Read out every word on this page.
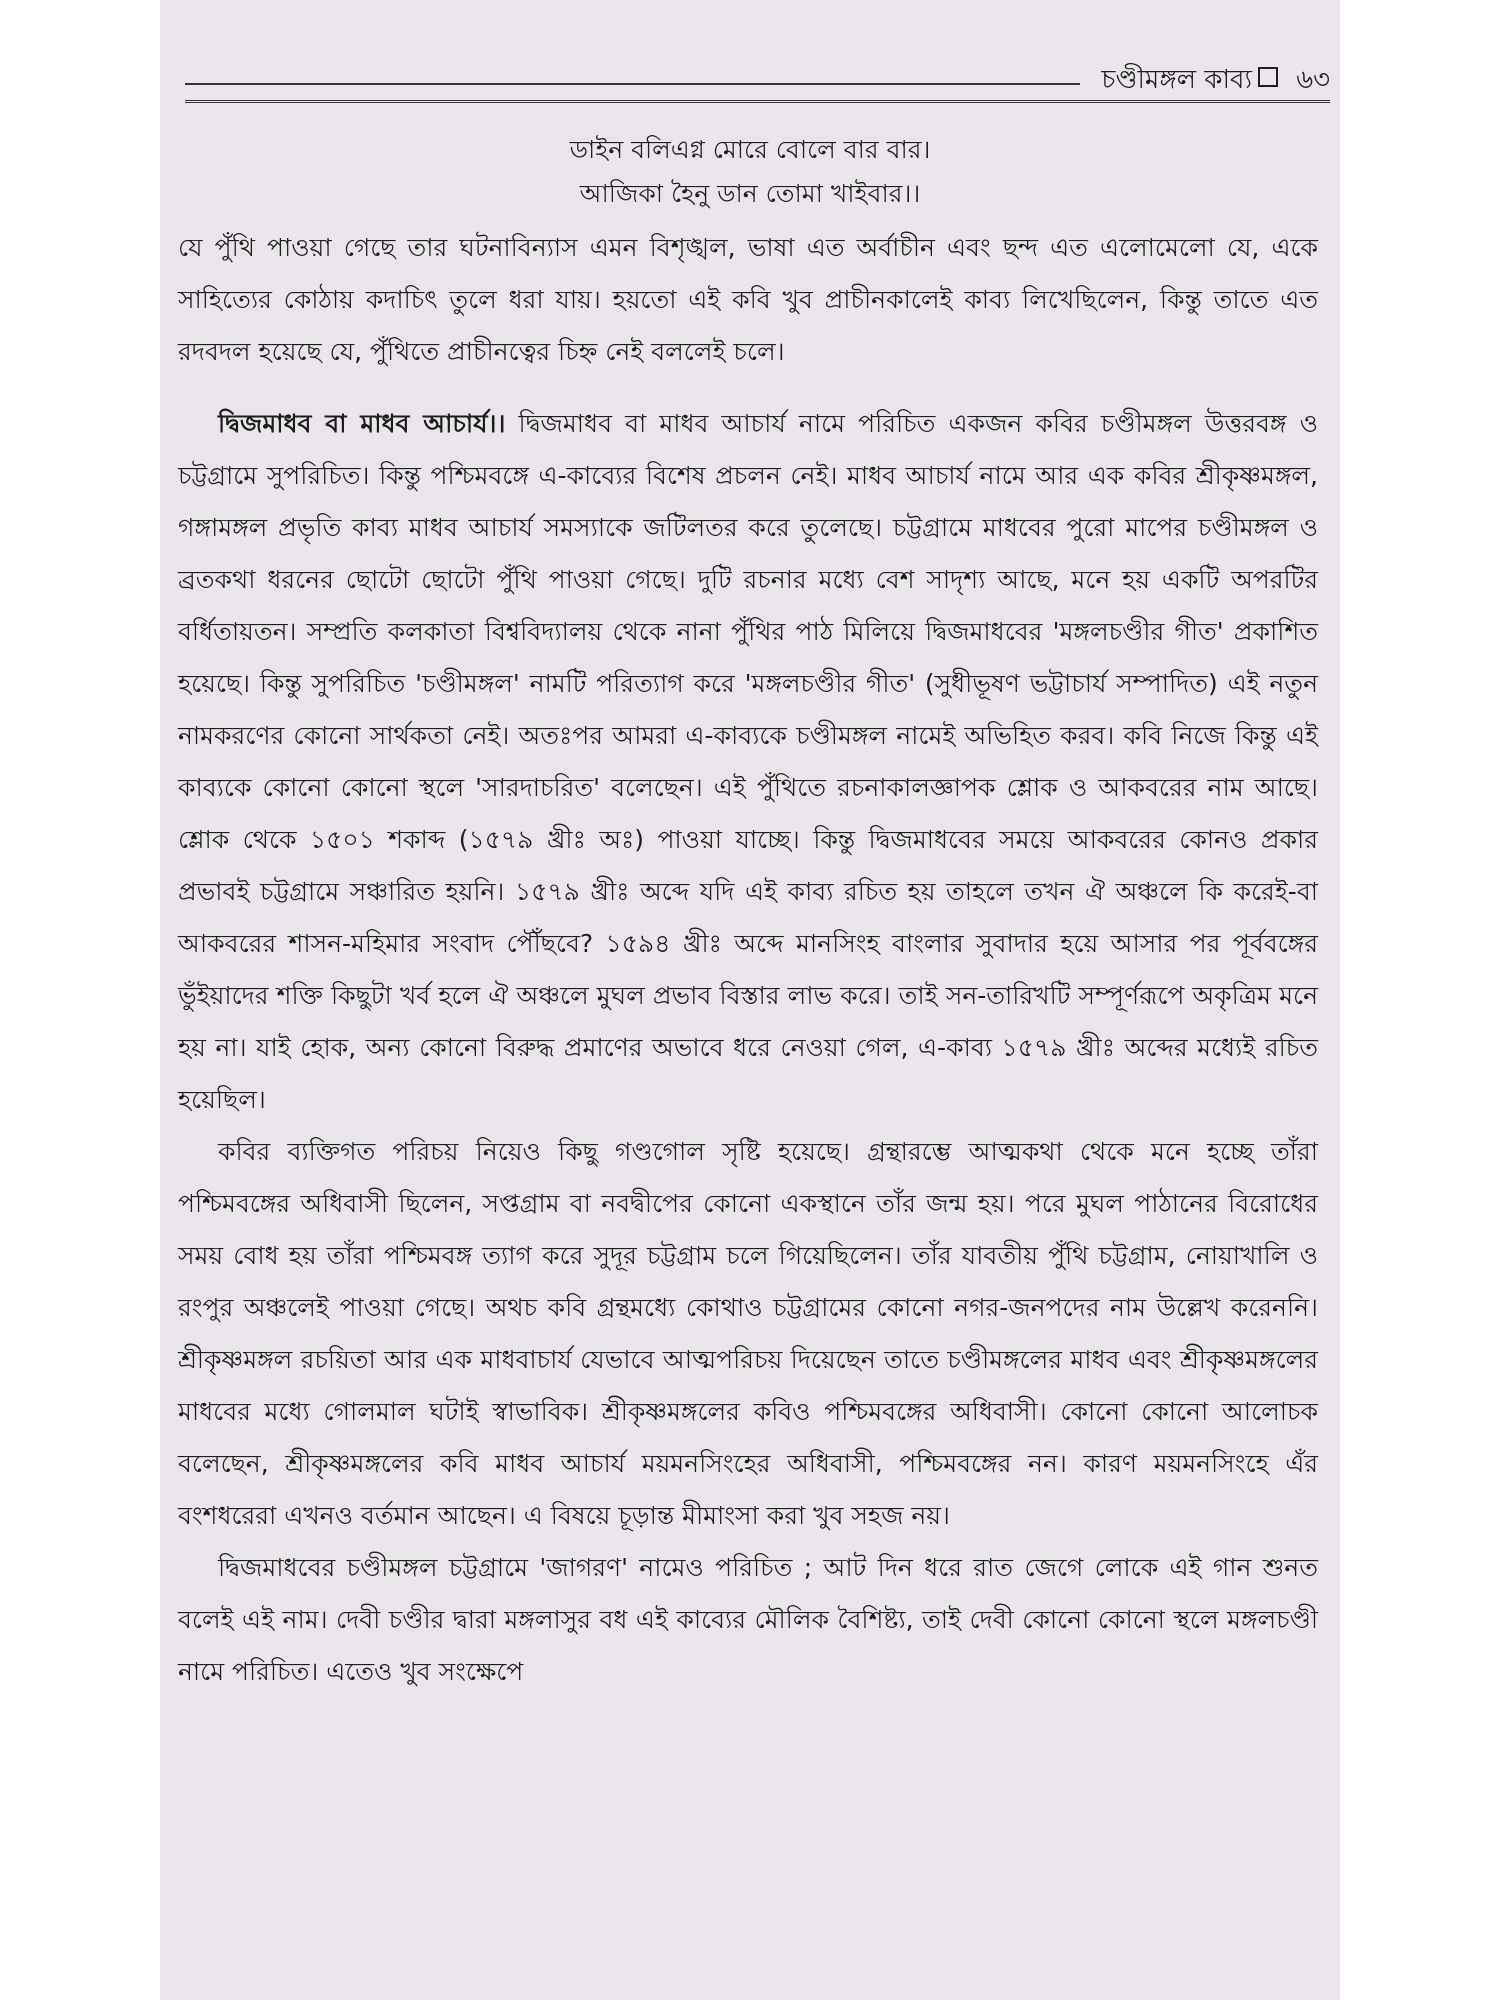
চণ্ডীমঙ্গল কাব্য ৬৩
ডাইন বলিএগ্ন মোরে বোলে বার বার।
আজিকা হৈনু ডান তোমা খাইবার।।

যে পুঁথি পাওয়া গেছে তার ঘটনাবিন্যাস এমন বিশৃঙ্খল, ভাষা এত অর্বাচীন এবং ছন্দ এত এলোমেলো যে, একে সাহিত্যের কোঠায় কদাচিৎ তুলে ধরা যায়। হয়তো এই কবি খুব প্রাচীনকালেই কাব্য লিখেছিলেন, কিন্তু তাতে এত রদবদল হয়েছে যে, পুঁথিতে প্রাচীনত্বের চিহ্ন নেই বললেই চলে।

দ্বিজমাধব বা মাধব আচার্য।। দ্বিজমাধব বা মাধব আচার্য নামে পরিচিত একজন কবির চণ্ডীমঙ্গল উত্তরবঙ্গ ও চট্টগ্রামে সুপরিচিত। কিন্তু পশ্চিমবঙ্গে এ-কাব্যের বিশেষ প্রচলন নেই। মাধব আচার্য নামে আর এক কবির শ্রীকৃষ্ণমঙ্গল, গঙ্গামঙ্গল প্রভৃতি কাব্য মাধব আচার্য সমস্যাকে জটিলতর করে তুলেছে। চট্টগ্রামে মাধবের পুরো মাপের চণ্ডীমঙ্গল ও ব্রতকথা ধরনের ছোটো ছোটো পুঁথি পাওয়া গেছে। দুটি রচনার মধ্যে বেশ সাদৃশ্য আছে, মনে হয় একটি অপরটির বর্ধিতায়তন। সম্প্রতি কলকাতা বিশ্ববিদ্যালয় থেকে নানা পুঁথির পাঠ মিলিয়ে দ্বিজমাধবের 'মঙ্গলচণ্ডীর গীত' প্রকাশিত হয়েছে। কিন্তু সুপরিচিত 'চণ্ডীমঙ্গল' নামটি পরিত্যাগ করে 'মঙ্গলচণ্ডীর গীত' (সুধীভূষণ ভট্টাচার্য সম্পাদিত) এই নতুন নামকরণের কোনো সার্থকতা নেই। অতঃপর আমরা এ-কাব্যকে চণ্ডীমঙ্গল নামেই অভিহিত করব। কবি নিজে কিন্তু এই কাব্যকে কোনো কোনো স্থলে 'সারদাচরিত' বলেছেন। এই পুঁথিতে রচনাকালজ্ঞাপক শ্লোক ও আকবরের নাম আছে। শ্লোক থেকে ১৫০১ শকাব্দ (১৫৭৯ খ্রীঃ অঃ) পাওয়া যাচ্ছে। কিন্তু দ্বিজমাধবের সময়ে আকবরের কোনও প্রকার প্রভাবই চট্টগ্রামে সঞ্চারিত হয়নি। ১৫৭৯ খ্রীঃ অব্দে যদি এই কাব্য রচিত হয় তাহলে তখন ঐ অঞ্চলে কি করেই-বা আকবরের শাসন-মহিমার সংবাদ পৌঁছবে? ১৫৯৪ খ্রীঃ অব্দে মানসিংহ বাংলার সুবাদার হয়ে আসার পর পূর্ববঙ্গের ভুঁইয়াদের শক্তি কিছুটা খর্ব হলে ঐ অঞ্চলে মুঘল প্রভাব বিস্তার লাভ করে। তাই সন-তারিখটি সম্পূর্ণরূপে অকৃত্রিম মনে হয় না। যাই হোক, অন্য কোনো বিরুদ্ধ প্রমাণের অভাবে ধরে নেওয়া গেল, এ-কাব্য ১৫৭৯ খ্রীঃ অব্দের মধ্যেই রচিত হয়েছিল।

কবির ব্যক্তিগত পরিচয় নিয়েও কিছু গণ্ডগোল সৃষ্টি হয়েছে। গ্রন্থারম্ভে আত্মকথা থেকে মনে হচ্ছে তাঁরা পশ্চিমবঙ্গের অধিবাসী ছিলেন, সপ্তগ্রাম বা নবদ্বীপের কোনো একস্থানে তাঁর জন্ম হয়। পরে মুঘল পাঠানের বিরোধের সময় বোধ হয় তাঁরা পশ্চিমবঙ্গ ত্যাগ করে সুদূর চট্টগ্রাম চলে গিয়েছিলেন। তাঁর যাবতীয় পুঁথি চট্টগ্রাম, নোয়াখালি ও রংপুর অঞ্চলেই পাওয়া গেছে। অথচ কবি গ্রন্থমধ্যে কোথাও চট্টগ্রামের কোনো নগর-জনপদের নাম উল্লেখ করেননি। শ্রীকৃষ্ণমঙ্গল রচয়িতা আর এক মাধবাচার্য যেভাবে আত্মপরিচয় দিয়েছেন তাতে চণ্ডীমঙ্গলের মাধব এবং শ্রীকৃষ্ণমঙ্গলের মাধবের মধ্যে গোলমাল ঘটাই স্বাভাবিক। শ্রীকৃষ্ণমঙ্গলের কবিও পশ্চিমবঙ্গের অধিবাসী। কোনো কোনো আলোচক বলেছেন, শ্রীকৃষ্ণমঙ্গলের কবি মাধব আচার্য ময়মনসিংহের অধিবাসী, পশ্চিমবঙ্গের নন। কারণ ময়মনসিংহে এঁর বংশধরেরা এখনও বর্তমান আছেন। এ বিষয়ে চূড়ান্ত মীমাংসা করা খুব সহজ নয়।

দ্বিজমাধবের চণ্ডীমঙ্গল চট্টগ্রামে 'জাগরণ' নামেও পরিচিত ; আট দিন ধরে রাত জেগে লোকে এই গান শুনত বলেই এই নাম। দেবী চণ্ডীর দ্বারা মঙ্গলাসুর বধ এই কাব্যের মৌলিক বৈশিষ্ট্য, তাই দেবী কোনো কোনো স্থলে মঙ্গলচণ্ডী নামে পরিচিত। এতেও খুব সংক্ষেপে
